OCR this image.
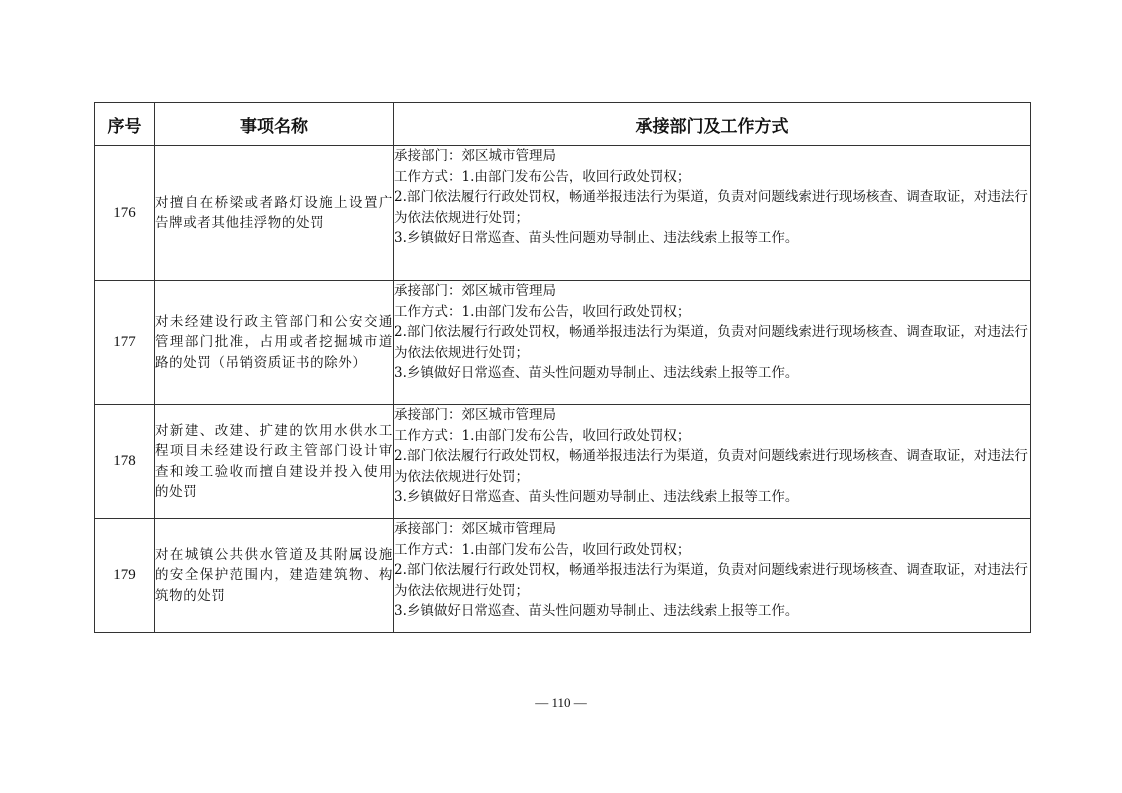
序号	事项名称	承接部门及工作方式
176	对擅自在桥梁或者路灯设施上设置广告牌或者其他挂浮物的处罚	承接部门：郊区城市管理局
工作方式：1.由部门发布公告，收回行政处罚权；
2.部门依法履行行政处罚权，畅通举报违法行为渠道，负责对问题线索进行现场核查、调查取证，对违法行为依法依规进行处罚；
3.乡镇做好日常巡查、苗头性问题劝导制止、违法线索上报等工作。

177	对未经建设行政主管部门和公安交通管理部门批准，占用或者挖掘城市道路的处罚（吊销资质证书的除外）	承接部门：郊区城市管理局
工作方式：1.由部门发布公告，收回行政处罚权；
2.部门依法履行行政处罚权，畅通举报违法行为渠道，负责对问题线索进行现场核查、调查取证，对违法行为依法依规进行处罚；
3.乡镇做好日常巡查、苗头性问题劝导制止、违法线索上报等工作。

178	对新建、改建、扩建的饮用水供水工程项目未经建设行政主管部门设计审查和竣工验收而擅自建设并投入使用的处罚	承接部门：郊区城市管理局
工作方式：1.由部门发布公告，收回行政处罚权；
2.部门依法履行行政处罚权，畅通举报违法行为渠道，负责对问题线索进行现场核查、调查取证，对违法行为依法依规进行处罚；
3.乡镇做好日常巡查、苗头性问题劝导制止、违法线索上报等工作。

179	对在城镇公共供水管道及其附属设施的安全保护范围内，建造建筑物、构筑物的处罚	承接部门：郊区城市管理局
工作方式：1.由部门发布公告，收回行政处罚权；
2.部门依法履行行政处罚权，畅通举报违法行为渠道，负责对问题线索进行现场核查、调查取证，对违法行为依法依规进行处罚；
3.乡镇做好日常巡查、苗头性问题劝导制止、违法线索上报等工作。
— 110 —
